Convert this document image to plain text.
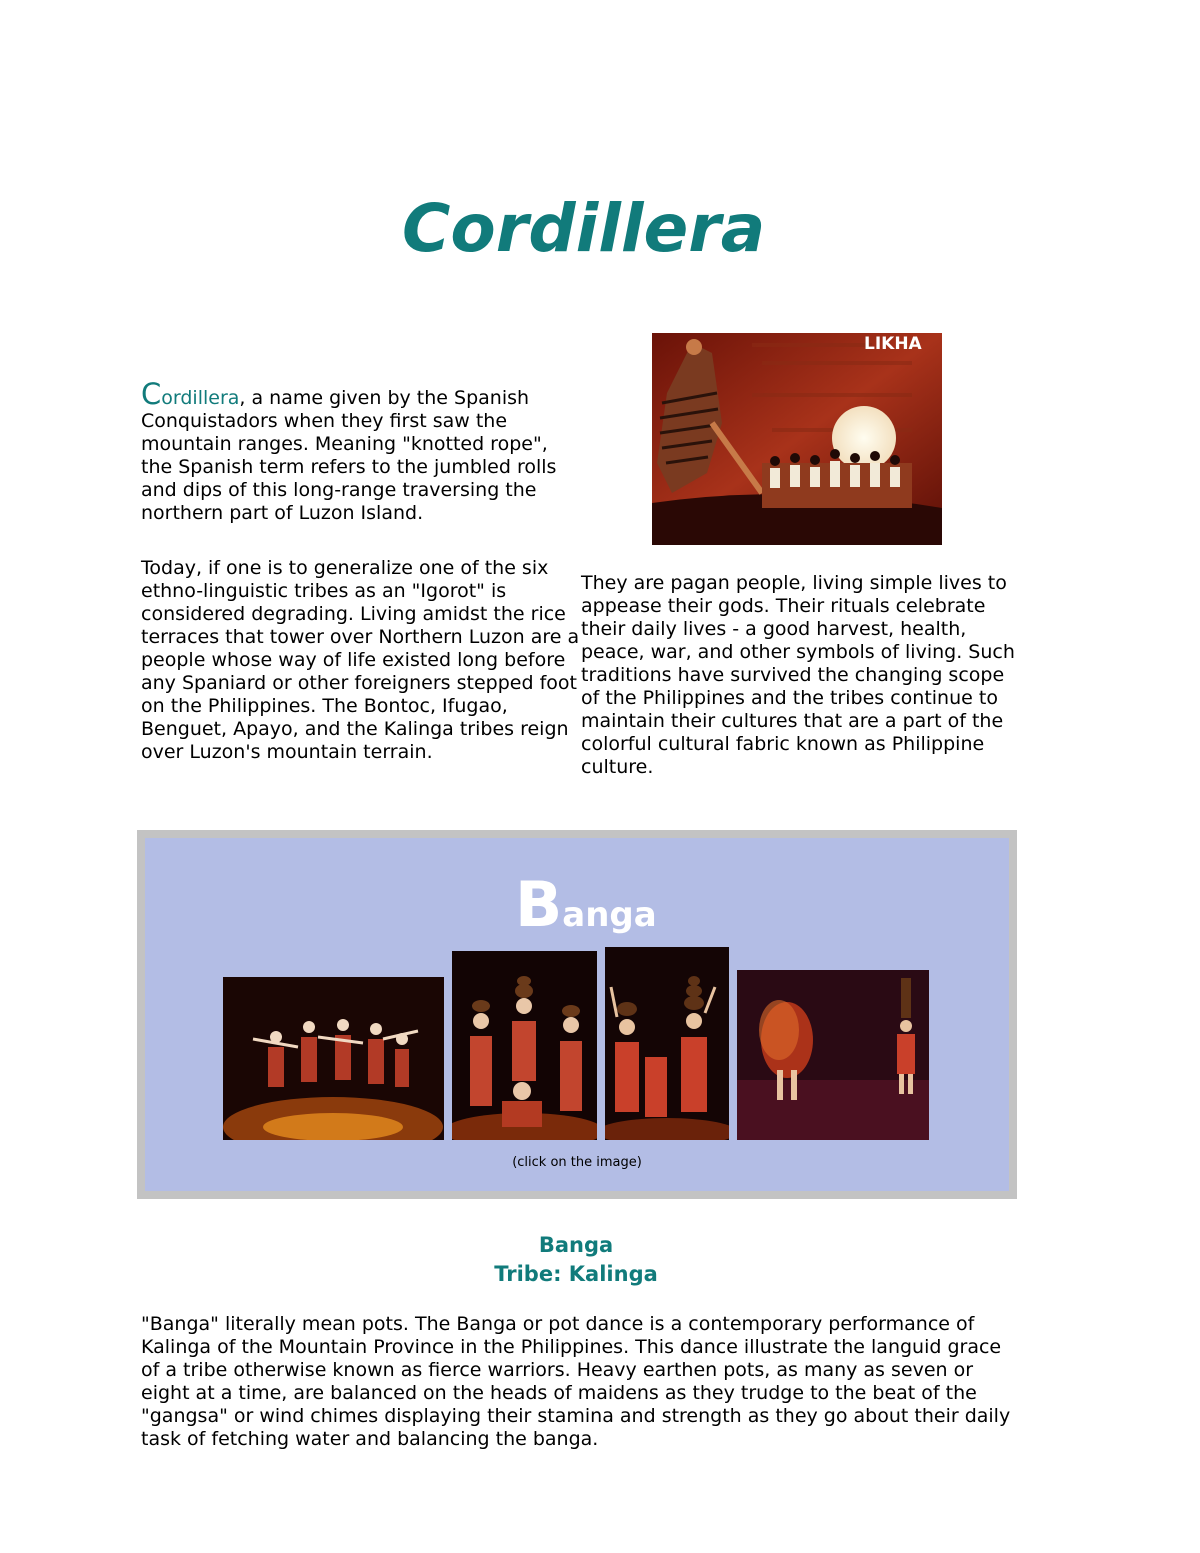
Cordillera

Cordillera, a name given by the Spanish Conquistadors when they first saw the mountain ranges. Meaning "knotted rope", the Spanish term refers to the jumbled rolls and dips of this long-range traversing the northern part of Luzon Island.

Today, if one is to generalize one of the six ethno-linguistic tribes as an "Igorot" is considered degrading. Living amidst the rice terraces that tower over Northern Luzon are a people whose way of life existed long before any Spaniard or other foreigners stepped foot on the Philippines. The Bontoc, Ifugao, Benguet, Apayo, and the Kalinga tribes reign over Luzon's mountain terrain.

LIKHA

They are pagan people, living simple lives to appease their gods. Their rituals celebrate their daily lives - a good harvest, health, peace, war, and other symbols of living. Such traditions have survived the changing scope of the Philippines and the tribes continue to maintain their cultures that are a part of the colorful cultural fabric known as Philippine culture.

Banga
(click on the image)
Banga
Tribe: Kalinga

"Banga" literally mean pots. The Banga or pot dance is a contemporary performance of Kalinga of the Mountain Province in the Philippines. This dance illustrate the languid grace of a tribe otherwise known as fierce warriors. Heavy earthen pots, as many as seven or eight at a time, are balanced on the heads of maidens as they trudge to the beat of the "gangsa" or wind chimes displaying their stamina and strength as they go about their daily task of fetching water and balancing the banga.
